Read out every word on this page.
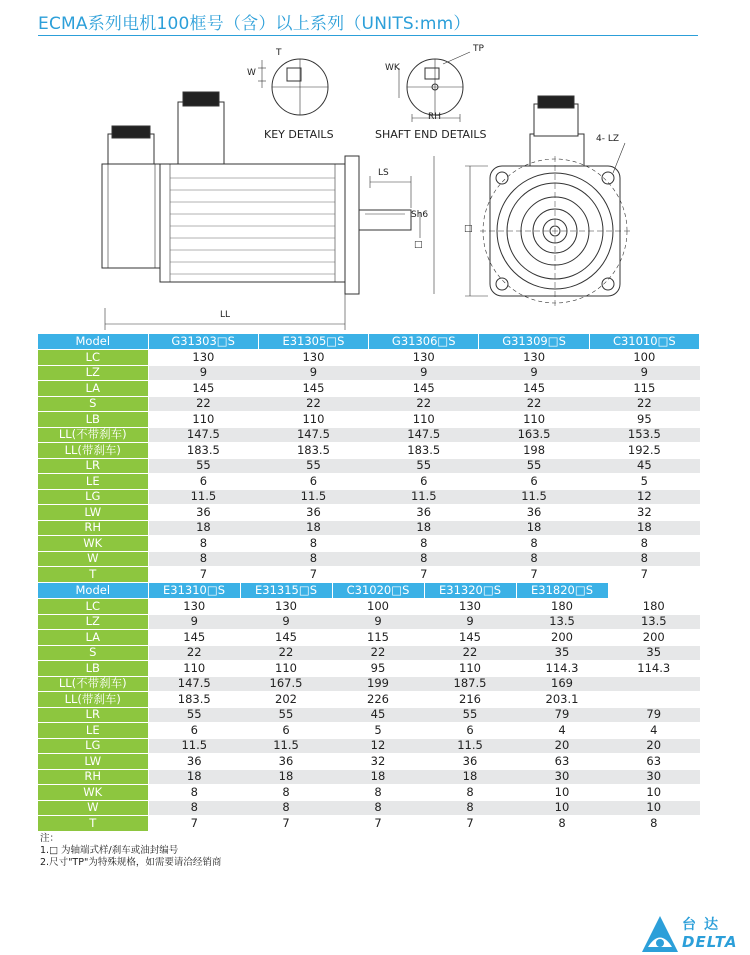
ECMA系列电机100框号（含）以上系列（UNITS:mm）
KEY DETAILS	SHAFT END DETAILS
W
T
WK
TP
RH
LS
Sh6
LL
4- LZ
□
□
Model	G31303□S	E31305□S	G31306□S	G31309□S	C31010□S
LC	130	130	130	130	100
LZ	9	9	9	9	9
LA	145	145	145	145	115
S	22	22	22	22	22
LB	110	110	110	110	95
LL(不带刹车)	147.5	147.5	147.5	163.5	153.5
LL(带刹车)	183.5	183.5	183.5	198	192.5
LR	55	55	55	55	45
LE	6	6	6	6	5
LG	11.5	11.5	11.5	11.5	12
LW	36	36	36	36	32
RH	18	18	18	18	18
WK	8	8	8	8	8
W	8	8	8	8	8
T	7	7	7	7	7
Model	E31310□S	E31315□S	C31020□S	E31320□S	E31820□S	
LC	130	130	100	130	180	180
LZ	9	9	9	9	13.5	13.5
LA	145	145	115	145	200	200
S	22	22	22	22	35	35
LB	110	110	95	110	114.3	114.3
LL(不带刹车)	147.5	167.5	199	187.5	169	
LL(带刹车)	183.5	202	226	216	203.1	
LR	55	55	45	55	79	79
LE	6	6	5	6	4	4
LG	11.5	11.5	12	11.5	20	20
LW	36	36	32	36	63	63
RH	18	18	18	18	30	30
WK	8	8	8	8	10	10
W	8	8	8	8	10	10
T	7	7	7	7	8	8
注：
1.□ 为轴端式样/刹车或油封编号
2.尺寸"TP"为特殊规格，如需要请洽经销商
台达
DELTA
